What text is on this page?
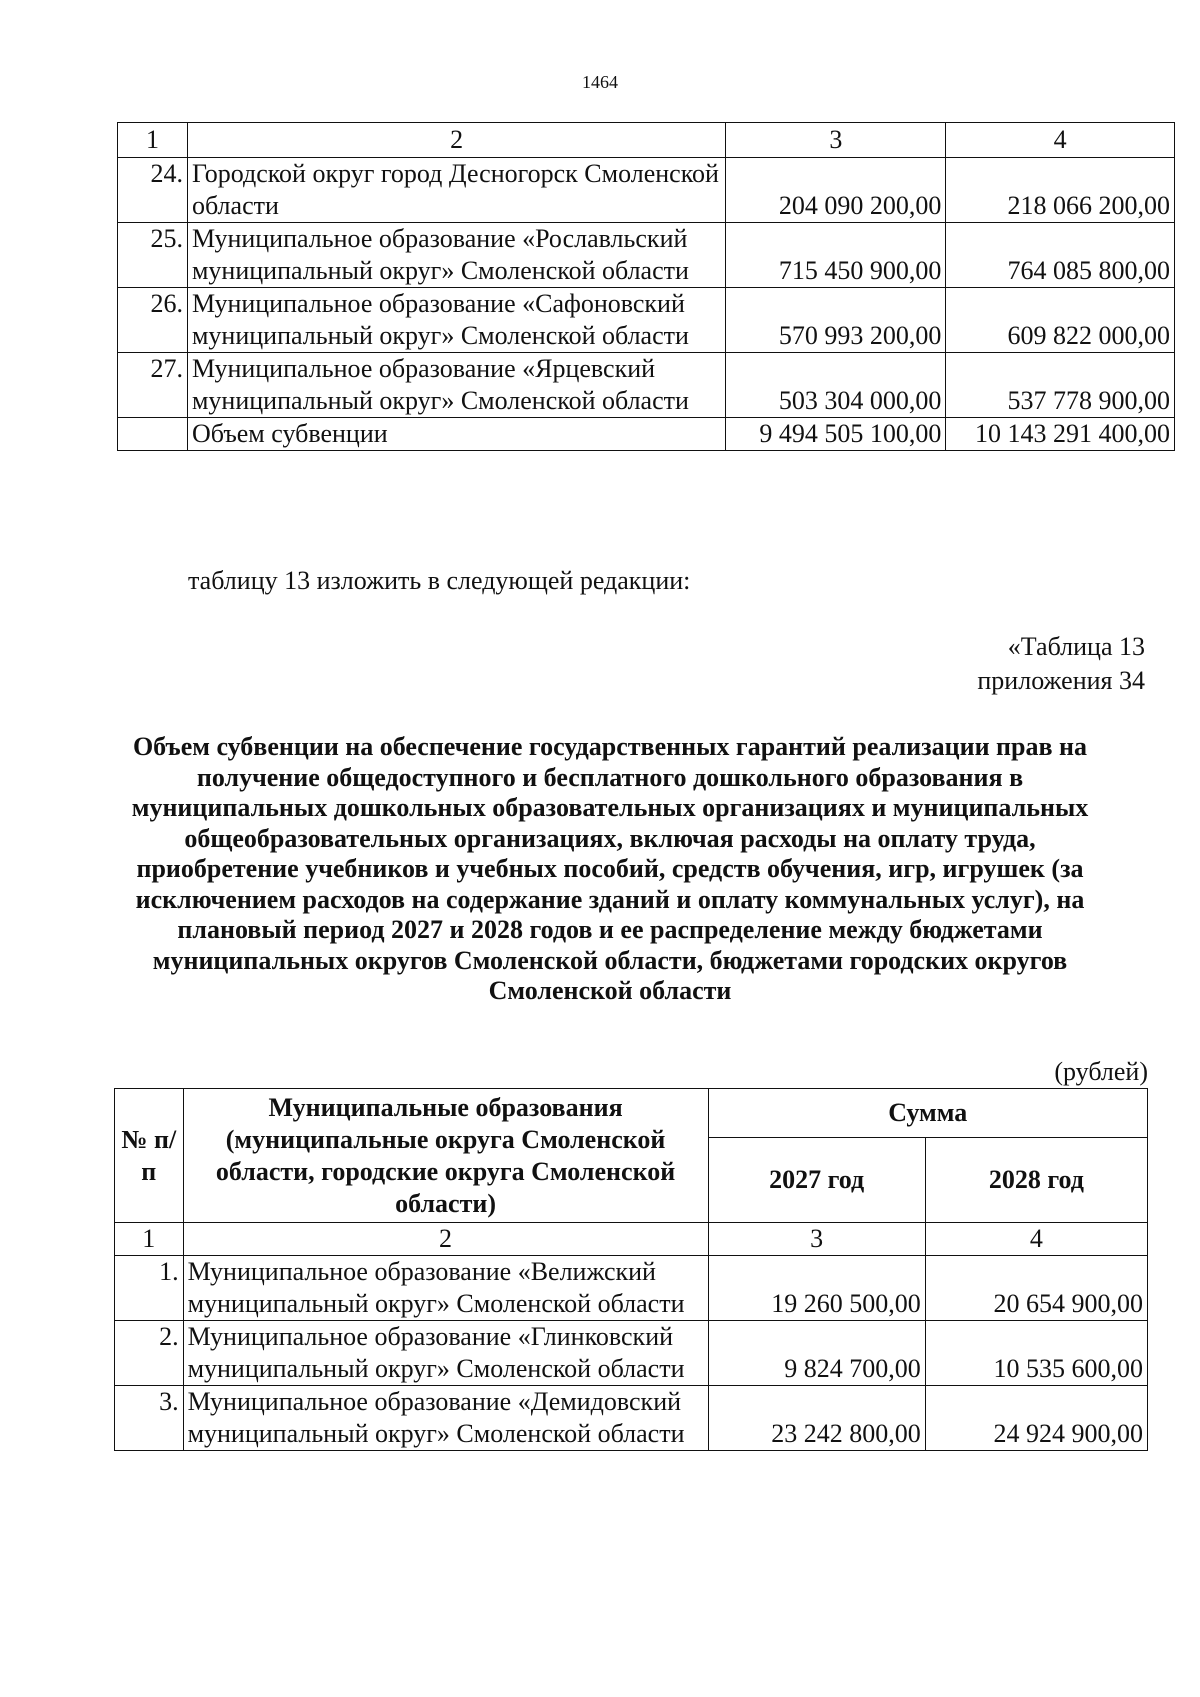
1464
1	2	3	4
24.	Городской округ город Десногорск Смоленской области	204 090 200,00	218 066 200,00
25.	Муниципальное образование «Рославльский муниципальный округ» Смоленской области	715 450 900,00	764 085 800,00
26.	Муниципальное образование «Сафоновский муниципальный округ» Смоленской области	570 993 200,00	609 822 000,00
27.	Муниципальное образование «Ярцевский муниципальный округ» Смоленской области	503 304 000,00	537 778 900,00
	Объем субвенции	9 494 505 100,00	10 143 291 400,00
таблицу 13 изложить в следующей редакции:
«Таблица 13
приложения 34
Объем субвенции на обеспечение государственных гарантий реализации прав на получение общедоступного и бесплатного дошкольного образования в муниципальных дошкольных образовательных организациях и муниципальных общеобразовательных организациях, включая расходы на оплату труда, приобретение учебников и учебных пособий, средств обучения, игр, игрушек (за исключением расходов на содержание зданий и оплату коммунальных услуг), на плановый период 2027 и 2028 годов и ее распределение между бюджетами муниципальных округов Смоленской области, бюджетами городских округов Смоленской области
(рублей)
№ п/п	Муниципальные образования (муниципальные округа Смоленской области, городские округа Смоленской области)	Сумма	
		2027 год	2028 год
1	2	3	4
1.	Муниципальное образование «Велижский муниципальный округ» Смоленской области	19 260 500,00	20 654 900,00
2.	Муниципальное образование «Глинковский муниципальный округ» Смоленской области	9 824 700,00	10 535 600,00
3.	Муниципальное образование «Демидовский муниципальный округ» Смоленской области	23 242 800,00	24 924 900,00
